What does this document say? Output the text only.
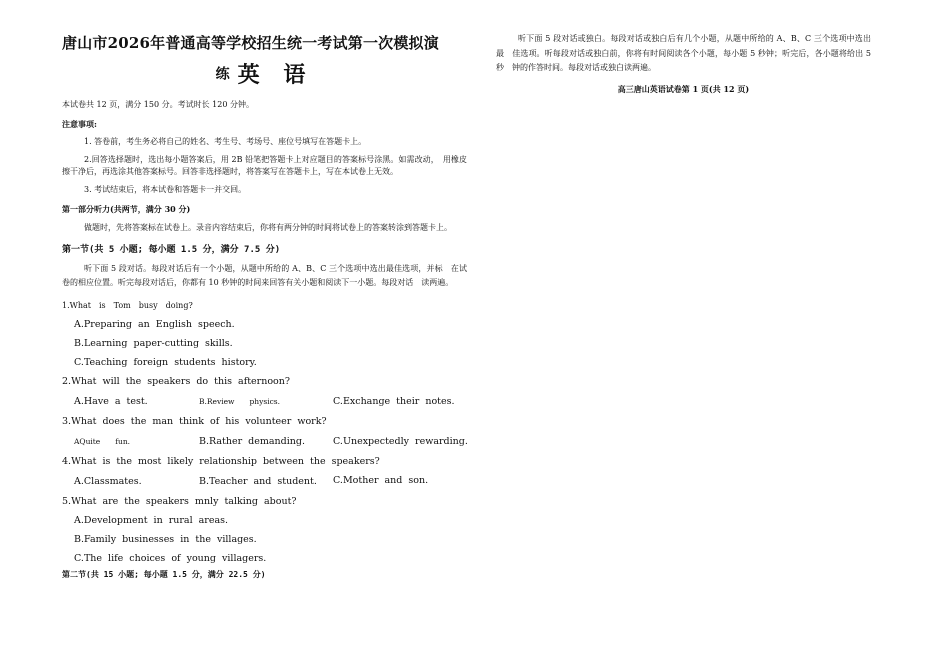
唐山市2026年普通高等学校招生统一考试第一次模拟演
练 英 语
本试卷共 12 页，满分 150 分。考试时长 120 分钟。
注意事项:
1. 答卷前，考生务必将自己的姓名、考生号、考场号、座位号填写在答题卡上。
2.回答选择题时，选出每小题答案后，用 2B 铅笔把答题卡上对应题目的答案标号涂黑。如需改动，　用橡皮擦干净后，再选涂其他答案标号。回答非选择题时，将答案写在答题卡上，写在本试卷上无效。
3. 考试结束后，将本试卷和答题卡一并交回。
第一部分听力(共两节，满分 30 分)
做题时，先将答案标在试卷上。录音内容结束后，你将有两分钟的时间将试卷上的答案转涂到答题卡上。
第一节(共 5 小题; 每小题 1.5 分，满分 7.5 分)
听下面 5 段对话。每段对话后有一个小题，从题中所给的 A、B、C 三个选项中选出最佳选项，并标　在试卷的相应位置。听完每段对话后，你都有 10 秒钟的时间来回答有关小题和阅读下一小题。每段对话　读两遍。
1.What　is　Tom　busy　doing?
A.Preparing an English speech.
B.Learning paper-cutting skills.
C.Teaching foreign students history.
2.What will the speakers do this afternoon?
A.Have a test.	B.Review　　physics.	C.Exchange their notes.
3.What does the man think of his volunteer work?
AQuite　　fun.	B.Rather demanding.	C.Unexpectedly rewarding.
4.What is the most likely relationship between the speakers?
A.Classmates.	B.Teacher and student. C.Mother and son.
5.What are the speakers mnly talking about?
A.Development in rural areas.
B.Family businesses in the villages.
C.The life choices of young villagers.
第二节(共 15 小题; 每小题 1.5 分，满分 22.5 分)
听下面 5 段对话或独白。每段对话或独白后有几个小题，从题中所给的 A、B、C 三个选项中选出最　佳选项。听每段对话或独白前，你将有时间阅读各个小题，每小题 5 秒钟；听完后，各小题将给出 5 秒　钟的作答时间。每段对话或独白读两遍。
高三唐山英语试卷第 1 页(共 12 页)
